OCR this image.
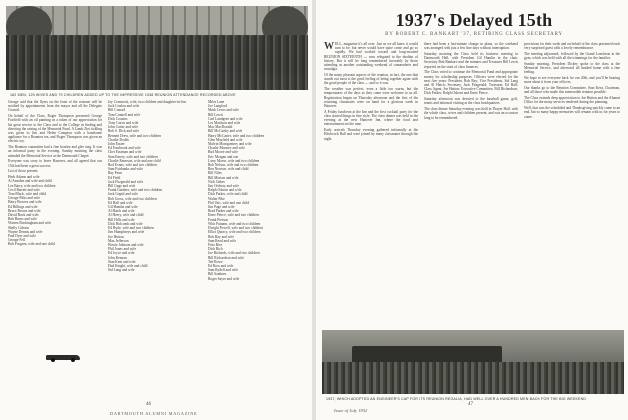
162 MEN, 125 WIVES AND 79 CHILDREN ADDED UP TO THE IMPRESSIVE 1938 REUNION ATTENDANCE RECORDED ABOVE

George said that the flyers on the front of the rostrum will be notified by appointments from the mayor and all the Delegate Council.

On behalf of the Class, Roger Thompson presented George Fairfield with an oil painting as a token of our appreciation for his great service to the Class and to the College in finding and directing the raising of the Memorial Fund. A Lamb Ziet tickling was given to Jim and Helen Compton with a handsome appliance for a Reunion tea, and Roger Thompson was given an electric toy.

The Reunion committee had a fine bonfire and glee sing. It was an informal party in the evening. Sunday morning the class attended the Memorial Service at the Dartmouth Chapel.

Everyone was sorry to leave Hanover, and all agreed that our 15th had been a great success.

List of those present:

Herb Adams and wife
Al Amsden and wife and child
Lee Barry, wife and two children
Cecil Barrett and wife
Tom Black, wife and child
George Bliss and wife
Harry Bowers and wife
Ed Billings and wife
Bruce Brown and wife
David Buck and wife
Bob Burns and wife
Warren Buckingham and wife
Shelly Coburn
Wayne Dennis and wife
Paul Dyer and wife
George Fell
Bob Fosgren, wife and one child
Jay Comstock, wife, two children and daughter-in-law
Jack Conlon and wife
Bill Conrad
Tom Connell and wife
Dick Cousins
Tony Curtis and wife
John Cutter and wife
Bob S. Dick and wife
Bennett Drew, wife and two children
Charlie Dodds
John Easter
Ed Eastbrook and wife
Chet Eastman and wife
Stan Emery, wife and two children
Charlie Emerson, wife and one child
Rod Evans, wife and two children
Sam Fairbanks and wife
Ray Fenn
Ed Field
Jack Fitzgerald and wife
Bill Gage and wife
Frank Gardner, wife and two children
Jack Guptil and wife
Bob Gross, wife and two children
Ed Hall and wife
Gil Hamlin and wife
Al Hatch and wife
Al Heery, wife and child
Bill Hills and wife
Dick Holcomb and wife
Ed Hyde, wife and two children
Jim Humphreys and wife
Joe Hutton
Max Jefferson
Howie Johnson and wife
Phil Jones and wife
Ed Joyce and wife
John Keenan
Stan Kent and wife
Dud Knight, wife and child
Sid Lang and wife
Miles Lane
Joe Langford
Mark Lewis and wife
Bill Lewis
Carl Lundgren and wife
Les Mattison and wife
Mac MacDonald
Bill McCarthy and wife
Harry McCarter, wife and two children
Glen Maxfield and wife
Malvin Montgomery and wife
Charlie Mooney and wife
Bud Moore and wife
Eric Morgan and son
Larry Morse, wife and two children
Bob Nelson, wife and two children
Ben Newton, wife and child
Bill Niles
Bill Morton and wife
Nick Oakes
Jim Ordway and wife
Ralph Osborn and wife
Dick Parker, wife and child
Walter Pike
Phil Otis, wife and one child
Jim Page and wife
Brad Parker and wife
Ernie Pierce, wife and two children
Frank Pierson
Whit Putnam, wife and two children
Dwight Powell, wife and two children
Elliot Quincy, wife and two children
Bob Ray and wife
Sam Read and wife
Fritz Rice
Dick Rich
Joe Richards, wife and two children
Bill Richardson and wife
Ted Rowe
Ed Ross and wife
Sam Rydell and wife
Bill Sanborn
Roger Sayer and wife
46
DARTMOUTH ALUMNI MAGAZINE
1937's Delayed 15th
BY ROBERT C. BANKART '37, RETIRING CLASS SECRETARY
W ELL, magazine it's all over. Just as we all knew it would turn to be, but never would have quite come and go so rapidly. We had worked toward and long-awaited REUNION SIXTEENTH — now relegated to the dustbin of history. But it will be long remembered favorably by those attending as another outstanding weekend of camaraderie and nostalgia.

Of the many pleasant aspects of the reunion, in fact, the one that stands out most is the good feeling of being together again with the good people of the class — and so it was.

The weather was perfect, even a little too warm, but the temperatures of the days as they came were welcome to us all. Registration began on Thursday afternoon and the first of the returning classmates were on hand for a glorious week in Hanover.

A Friday luncheon at the Inn and the first cocktail party for the class started things in fine style. The class dinner was held in the evening at the new Hanover Inn, where the food and entertainment set the tone.

Early arrivals Thursday evening gathered informally at the Hitchcock Ball and were joined by many classmates through the night.

there had been a last-minute change in plans, so the weekend was arranged with just a few fine days without interruption.

Saturday morning the Class held its business meeting in Dartmouth Hall, with President Gil Hamlin in the chair. Secretary Bob Bankart read the minutes and Treasurer Bill Lewis reported on the state of class finances.

The Class voted to continue the Memorial Fund and appropriate money for scholarship purposes. Officers were elected for the next five years: President, Bob Ray; Vice Presidents, Sid Lang and Al Hatch; Secretary, Jack Fitzgerald; Treasurer, Ed Hall; Class Agent, Joe Hutton; Executive Committee, Bill Richardson, Dick Parker, Ralph Osborn and Ernie Pierce.

Saturday afternoon was devoted to the baseball game, golf, tennis and informal visiting at the class headquarters.

The class dinner Saturday evening was held in Thayer Hall, with the whole class, wives and children present, and was an occasion long to be remembered.

provisions for their week and on behalf of the class presented each very surprised guest with a lovely remembrance.

The meeting adjourned, followed by the Grand Luncheon at the gym, which was held with all the trimmings for the families.

Sunday morning, President Dickey spoke to the class at the Memorial Service, and afterward all headed home with a fine feeling.

We hope to see everyone back for our 20th, and you'll be hearing more about it from your officers.

Our thanks go to the Reunion Committee, Stan Kent, Chairman, and all those who made this memorable reunion possible.

The Class extends deep appreciation to Joe Hutton and the Alumni Office for the many services rendered during the planning.

Well, that was the scheduled and Thanksgiving quickly came to an end, but so many happy memories will remain with us for years to come.

1937, WHICH ADOPTED AN ENGINEER'S CAP FOR ITS REUNION REGALIA, HAD WELL OVER A HUNDRED MEN BACK FOR THE BIG WEEKEND
Issue of July 1952
47
